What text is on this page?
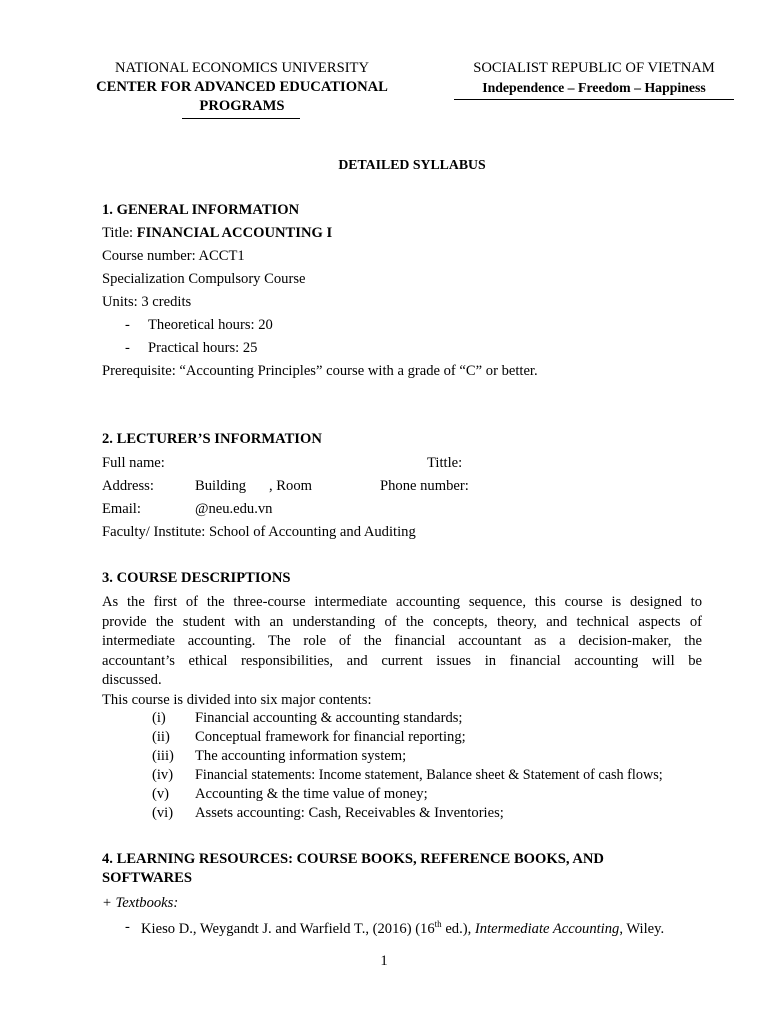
NATIONAL ECONOMICS UNIVERSITY
CENTER FOR ADVANCED EDUCATIONAL
PROGRAMS
SOCIALIST REPUBLIC OF VIETNAM
Independence – Freedom – Happiness
DETAILED SYLLABUS
1. GENERAL INFORMATION
Title: FINANCIAL ACCOUNTING I
Course number: ACCT1
Specialization Compulsory Course
Units: 3 credits
- Theoretical hours: 20
- Practical hours: 25
Prerequisite: “Accounting Principles” course with a grade of “C” or better.
2. LECTURER’S INFORMATION
Full name:	Tittle:
Address:	Building , Room	Phone number:
Email:	@neu.edu.vn
Faculty/ Institute: School of Accounting and Auditing
3. COURSE DESCRIPTIONS

As the first of the three-course intermediate accounting sequence, this course is designed to

provide the student with an understanding of the concepts, theory, and technical aspects of

intermediate accounting. The role of the financial accountant as a decision-maker, the

accountant’s ethical responsibilities, and current issues in financial accounting will be

discussed.

This course is divided into six major contents:

(i) Financial accounting & accounting standards;
(ii) Conceptual framework for financial reporting;
(iii) The accounting information system;
(iv) Financial statements: Income statement, Balance sheet & Statement of cash flows;
(v) Accounting & the time value of money;
(vi) Assets accounting: Cash, Receivables & Inventories;
4. LEARNING RESOURCES: COURSE BOOKS, REFERENCE BOOKS, AND
SOFTWARES
+ Textbooks:
- Kieso D., Weygandt J. and Warfield T., (2016) (16th ed.), Intermediate Accounting, Wiley.
1
